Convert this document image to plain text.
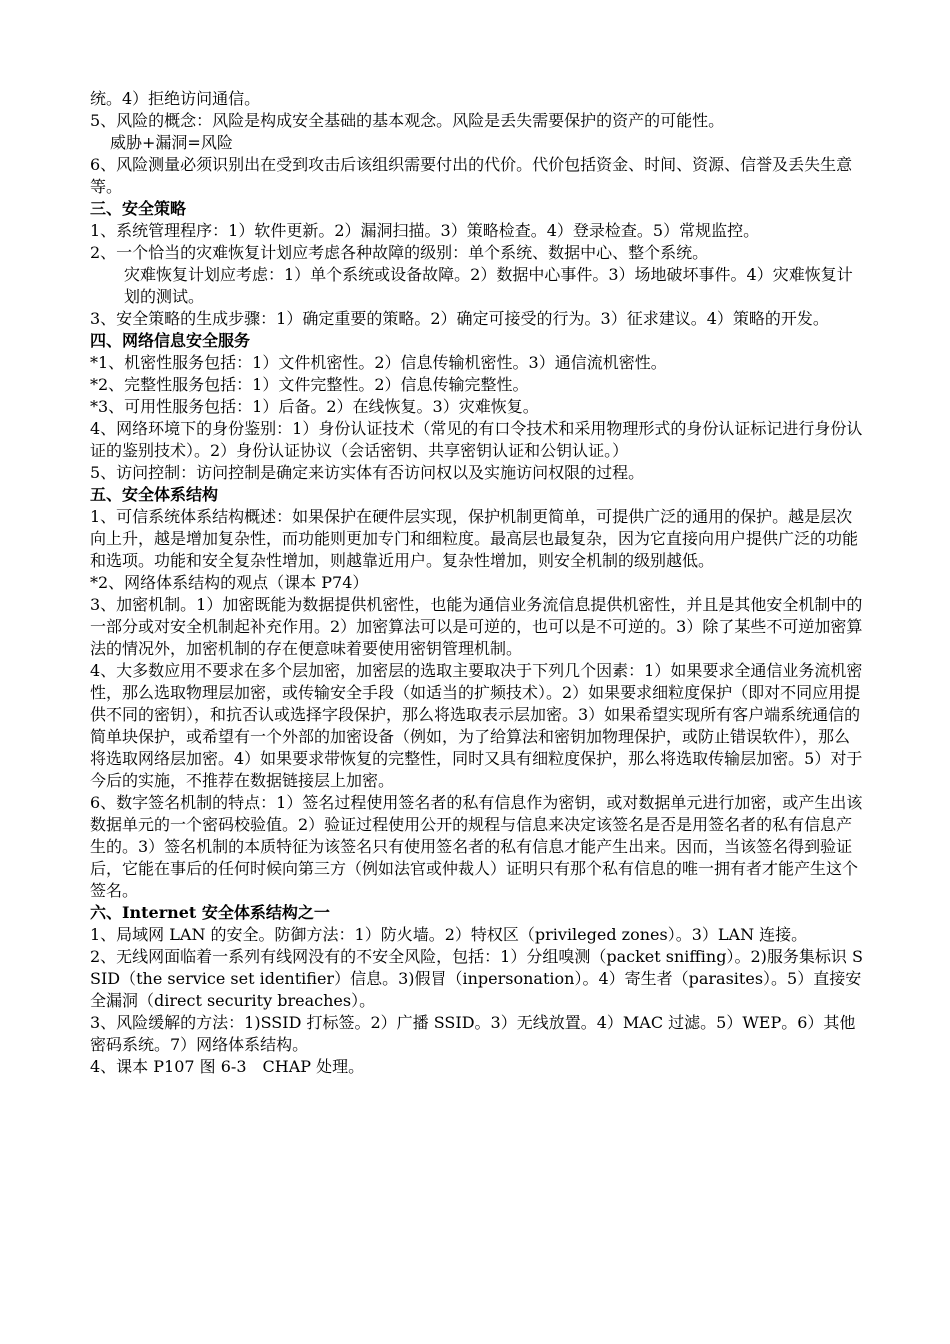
统。4）拒绝访问通信。

5、风险的概念：风险是构成安全基础的基本观念。风险是丢失需要保护的资产的可能性。

威胁+漏洞=风险

6、风险测量必须识别出在受到攻击后该组织需要付出的代价。代价包括资金、时间、资源、信誉及丢失生意等。

三、安全策略

1、系统管理程序：1）软件更新。2）漏洞扫描。3）策略检查。4）登录检查。5）常规监控。

2、一个恰当的灾难恢复计划应考虑各种故障的级别：单个系统、数据中心、整个系统。

灾难恢复计划应考虑：1）单个系统或设备故障。2）数据中心事件。3）场地破坏事件。4）灾难恢复计划的测试。

3、安全策略的生成步骤：1）确定重要的策略。2）确定可接受的行为。3）征求建议。4）策略的开发。

四、网络信息安全服务

*1、机密性服务包括：1）文件机密性。2）信息传输机密性。3）通信流机密性。

*2、完整性服务包括：1）文件完整性。2）信息传输完整性。

*3、可用性服务包括：1）后备。2）在线恢复。3）灾难恢复。

4、网络环境下的身份鉴别：1）身份认证技术（常见的有口令技术和采用物理形式的身份认证标记进行身份认证的鉴别技术）。2）身份认证协议（会话密钥、共享密钥认证和公钥认证。）

5、访问控制：访问控制是确定来访实体有否访问权以及实施访问权限的过程。

五、安全体系结构

1、可信系统体系结构概述：如果保护在硬件层实现，保护机制更简单，可提供广泛的通用的保护。越是层次向上升，越是增加复杂性，而功能则更加专门和细粒度。最高层也最复杂，因为它直接向用户提供广泛的功能和选项。功能和安全复杂性增加，则越靠近用户。复杂性增加，则安全机制的级别越低。

*2、网络体系结构的观点（课本 P74）

3、加密机制。1）加密既能为数据提供机密性，也能为通信业务流信息提供机密性，并且是其他安全机制中的一部分或对安全机制起补充作用。2）加密算法可以是可逆的，也可以是不可逆的。3）除了某些不可逆加密算法的情况外，加密机制的存在便意味着要使用密钥管理机制。

4、大多数应用不要求在多个层加密，加密层的选取主要取决于下列几个因素：1）如果要求全通信业务流机密性，那么选取物理层加密，或传输安全手段（如适当的扩频技术）。2）如果要求细粒度保护（即对不同应用提供不同的密钥），和抗否认或选择字段保护，那么将选取表示层加密。3）如果希望实现所有客户端系统通信的简单块保护，或希望有一个外部的加密设备（例如，为了给算法和密钥加物理保护，或防止错误软件），那么将选取网络层加密。4）如果要求带恢复的完整性，同时又具有细粒度保护，那么将选取传输层加密。5）对于今后的实施，不推荐在数据链接层上加密。

6、数字签名机制的特点：1）签名过程使用签名者的私有信息作为密钥，或对数据单元进行加密，或产生出该数据单元的一个密码校验值。2）验证过程使用公开的规程与信息来决定该签名是否是用签名者的私有信息产生的。3）签名机制的本质特征为该签名只有使用签名者的私有信息才能产生出来。因而，当该签名得到验证后，它能在事后的任何时候向第三方（例如法官或仲裁人）证明只有那个私有信息的唯一拥有者才能产生这个签名。

六、Internet 安全体系结构之一

1、局域网 LAN 的安全。防御方法：1）防火墙。2）特权区（privileged zones）。3）LAN 连接。

2、无线网面临着一系列有线网没有的不安全风险，包括：1）分组嗅测（packet sniffing）。2)服务集标识 SSID（the service set identifier）信息。3)假冒（inpersonation）。4）寄生者（parasites）。5）直接安全漏洞（direct security breaches）。

3、风险缓解的方法：1)SSID 打标签。2）广播 SSID。3）无线放置。4）MAC 过滤。5）WEP。6）其他密码系统。7）网络体系结构。

4、课本 P107 图 6-3　CHAP 处理。
